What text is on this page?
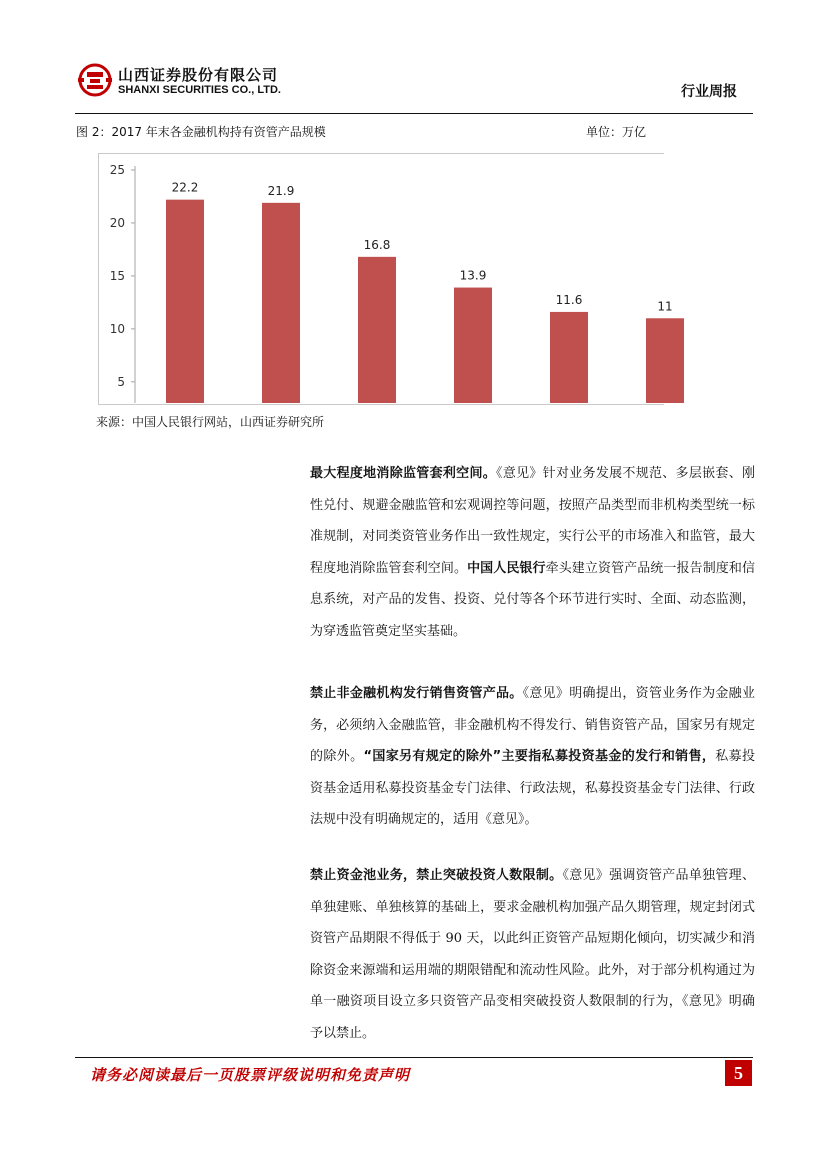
山西证券股份有限公司
SHANXI SECURITIES CO., LTD.	行业周报
图 2：2017 年末各金融机构持有资管产品规模	单位：万亿
25
20
15
10
5
22.2	21.9
16.8
13.9
11.6	11
来源：中国人民银行网站，山西证券研究所
最大程度地消除监管套利空间。《意见》针对业务发展不规范、多层嵌套、刚性兑付、规避金融监管和宏观调控等问题，按照产品类型而非机构类型统一标准规制，对同类资管业务作出一致性规定，实行公平的市场准入和监管，最大程度地消除监管套利空间。中国人民银行牵头建立资管产品统一报告制度和信息系统，对产品的发售、投资、兑付等各个环节进行实时、全面、动态监测，为穿透监管奠定坚实基础。
禁止非金融机构发行销售资管产品。《意见》明确提出，资管业务作为金融业务，必须纳入金融监管，非金融机构不得发行、销售资管产品，国家另有规定的除外。“国家另有规定的除外”主要指私募投资基金的发行和销售，私募投资基金适用私募投资基金专门法律、行政法规，私募投资基金专门法律、行政法规中没有明确规定的，适用《意见》。
禁止资金池业务，禁止突破投资人数限制。《意见》强调资管产品单独管理、单独建账、单独核算的基础上，要求金融机构加强产品久期管理，规定封闭式资管产品期限不得低于 90 天，以此纠正资管产品短期化倾向，切实减少和消除资金来源端和运用端的期限错配和流动性风险。此外，对于部分机构通过为单一融资项目设立多只资管产品变相突破投资人数限制的行为，《意见》明确予以禁止。
请务必阅读最后一页股票评级说明和免责声明	5
